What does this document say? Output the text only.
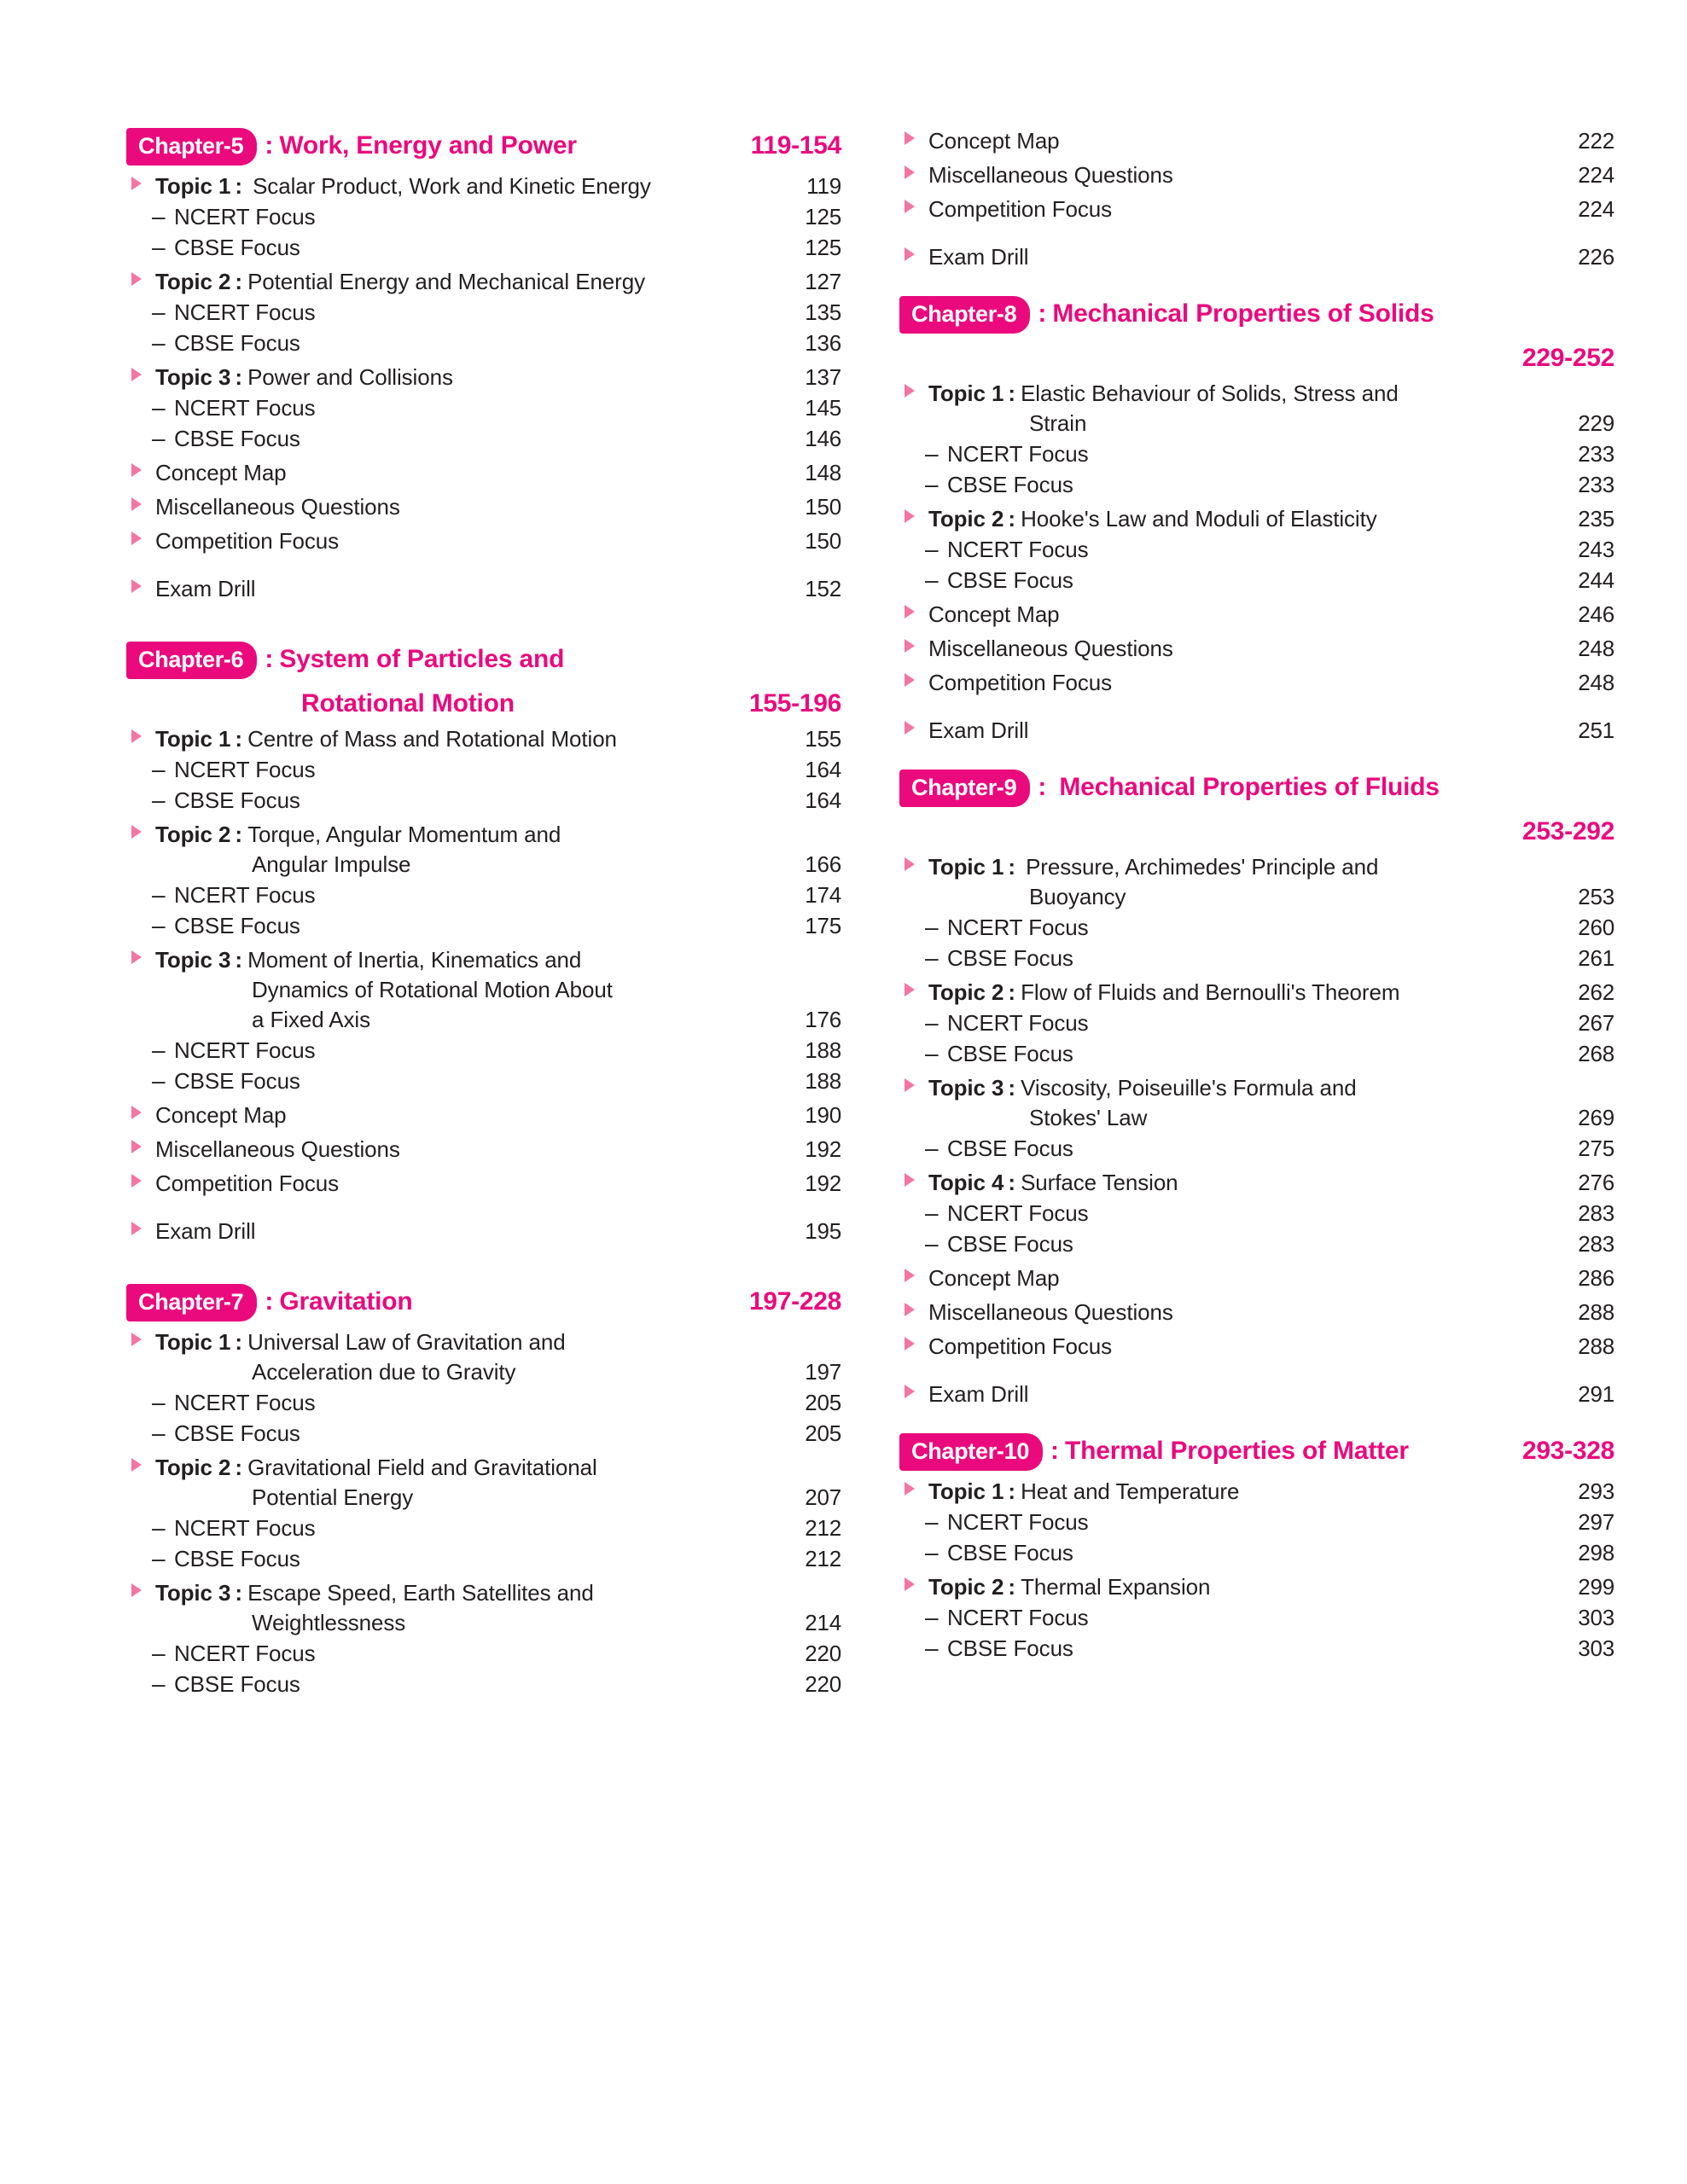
Chapter-5 : Work, Energy and Power	119-154
Topic 1 : Scalar Product, Work and Kinetic Energy	119
– NCERT Focus	125
– CBSE Focus	125
Topic 2 : Potential Energy and Mechanical Energy	127
– NCERT Focus	135
– CBSE Focus	136
Topic 3 : Power and Collisions	137
– NCERT Focus	145
– CBSE Focus	146
Concept Map	148
Miscellaneous Questions	150
Competition Focus	150
Exam Drill	152
Chapter-6 : System of Particles and
Rotational Motion	155-196
Topic 1 : Centre of Mass and Rotational Motion	155
– NCERT Focus	164
– CBSE Focus	164
Topic 2 : Torque, Angular Momentum and
Angular Impulse	166
– NCERT Focus	174
– CBSE Focus	175
Topic 3 : Moment of Inertia, Kinematics and
Dynamics of Rotational Motion About
a Fixed Axis	176
– NCERT Focus	188
– CBSE Focus	188
Concept Map	190
Miscellaneous Questions	192
Competition Focus	192
Exam Drill	195
Chapter-7 : Gravitation	197-228
Topic 1 : Universal Law of Gravitation and
Acceleration due to Gravity	197
– NCERT Focus	205
– CBSE Focus	205
Topic 2 : Gravitational Field and Gravitational
Potential Energy	207
– NCERT Focus	212
– CBSE Focus	212
Topic 3 : Escape Speed, Earth Satellites and
Weightlessness	214
– NCERT Focus	220
– CBSE Focus	220
Concept Map	222
Miscellaneous Questions	224
Competition Focus	224
Exam Drill	226
Chapter-8 : Mechanical Properties of Solids
229-252
Topic 1 : Elastic Behaviour of Solids, Stress and
Strain	229
– NCERT Focus	233
– CBSE Focus	233
Topic 2 : Hooke's Law and Moduli of Elasticity	235
– NCERT Focus	243
– CBSE Focus	244
Concept Map	246
Miscellaneous Questions	248
Competition Focus	248
Exam Drill	251
Chapter-9 : Mechanical Properties of Fluids
253-292
Topic 1 : Pressure, Archimedes' Principle and
Buoyancy	253
– NCERT Focus	260
– CBSE Focus	261
Topic 2 : Flow of Fluids and Bernoulli's Theorem	262
– NCERT Focus	267
– CBSE Focus	268
Topic 3 : Viscosity, Poiseuille's Formula and
Stokes' Law	269
– CBSE Focus	275
Topic 4 : Surface Tension	276
– NCERT Focus	283
– CBSE Focus	283
Concept Map	286
Miscellaneous Questions	288
Competition Focus	288
Exam Drill	291
Chapter-10 : Thermal Properties of Matter	293-328
Topic 1 : Heat and Temperature	293
– NCERT Focus	297
– CBSE Focus	298
Topic 2 : Thermal Expansion	299
– NCERT Focus	303
– CBSE Focus	303
